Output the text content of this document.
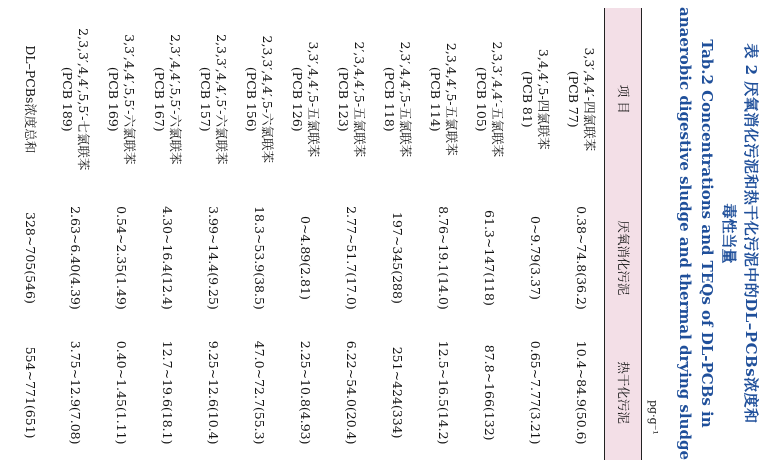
表 2 厌氧消化污泥和热干化污泥中的DL–PCBs浓度和
毒性当量
Tab.2 Concentrations and TEQs of DL-PCBs in
anaerobic digestive sludge and thermal drying sludge
pg·g⁻¹
项 目	厌氧消化污泥	热干化污泥

3,3′,4,4′-四氯联苯
(PCB 77)	0.38~74.8(36.2)	10.4~84.9(50.6)

3,4,4′,5-四氯联苯
(PCB 81)	0~9.79(3.37)	0.65~7.77(3.21)

2,3,3′,4,4′-五氯联苯
(PCB 105)	61.3~147(118)	87.8~166(132)

2,3,4,4′,5-五氯联苯
(PCB 114)	8.76~19.1(14.0)	12.5~16.5(14.2)

2,3′,4,4′,5-五氯联苯
(PCB 118)	197~345(288)	251~424(334)

2′,3,4,4′,5-五氯联苯
(PCB 123)	2.77~51.7(17.0)	6.22~54.0(20.4)

3,3′,4,4′,5-五氯联苯
(PCB 126)	0~4.89(2.81)	2.25~10.8(4.93)

2,3,3′,4,4′,5-六氯联苯
(PCB 156)	18.3~53.9(38.5)	47.0~72.7(55.3)

2,3,3′,4,4′,5′-六氯联苯
(PCB 157)	3.99~14.4(9.25)	9.25~12.6(10.4)

2,3′,4,4′,5,5′-六氯联苯
(PCB 167)	4.30~16.4(12.4)	12.7~19.6(18.1)

3,3′,4,4′,5,5′-六氯联苯
(PCB 169)	0.54~2.35(1.49)	0.40~1.45(1.11)

2,3,3′,4,4′,5,5′-七氯联苯
(PCB 189)	2.63~6.40(4.39)	3.75~12.9(7.08)

DL–PCBs浓度总和	328~705(546)	554~771(651)
